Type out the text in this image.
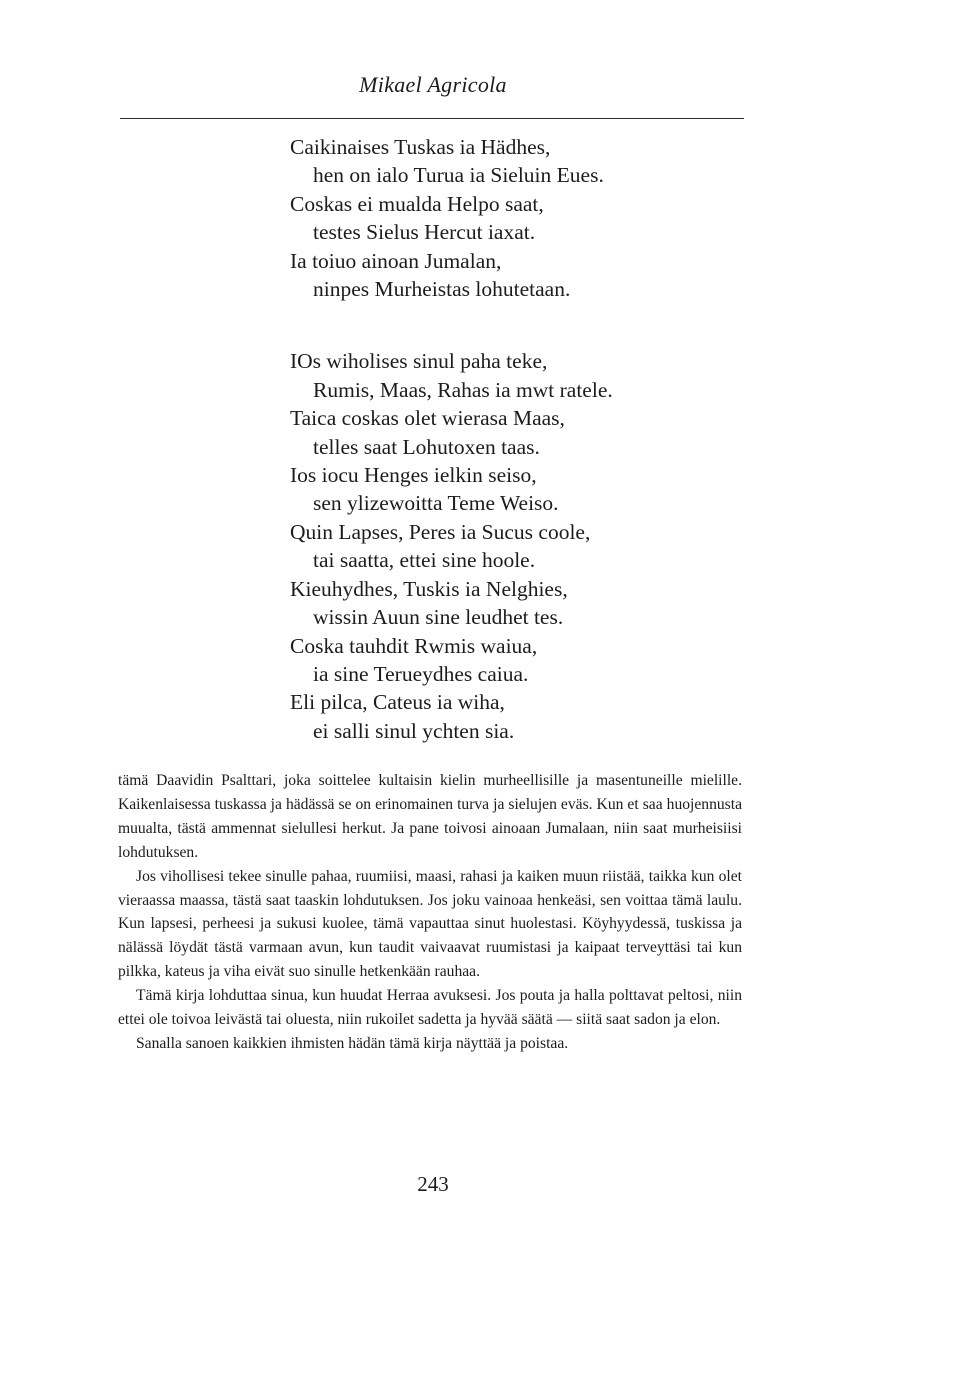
Mikael Agricola
Caikinaises Tuskas ia Hädhes,
hen on ialo Turua ia Sieluin Eues.
Coskas ei mualda Helpo saat,
testes Sielus Hercut iaxat.
Ia toiuo ainoan Jumalan,
ninpes Murheistas lohutetaan.
IOs wiholises sinul paha teke,
Rumis, Maas, Rahas ia mwt ratele.
Taica coskas olet wierasa Maas,
telles saat Lohutoxen taas.
Ios iocu Henges ielkin seiso,
sen ylizewoitta Teme Weiso.
Quin Lapses, Peres ia Sucus coole,
tai saatta, ettei sine hoole.
Kieuhydhes, Tuskis ia Nelghies,
wissin Auun sine leudhet tes.
Coska tauhdit Rwmis waiua,
ia sine Terueydhes caiua.
Eli pilca, Cateus ia wiha,
ei salli sinul ychten sia.

tämä Daavidin Psalttari, joka soittelee kultaisin kielin murheellisille ja masentuneille mielille. Kaikenlaisessa tuskassa ja hädässä se on erinomainen turva ja sielujen eväs. Kun et saa huojennusta muualta, tästä ammennat sielullesi herkut. Ja pane toivosi ainoaan Jumalaan, niin saat murheisiisi lohdutuksen.

Jos vihollisesi tekee sinulle pahaa, ruumiisi, maasi, rahasi ja kaiken muun riistää, taikka kun olet vieraassa maassa, tästä saat taaskin lohdutuksen. Jos joku vainoaa henkeäsi, sen voittaa tämä laulu. Kun lapsesi, perheesi ja sukusi kuolee, tämä vapauttaa sinut huolestasi. Köyhyydessä, tuskissa ja nälässä löydät tästä varmaan avun, kun taudit vaivaavat ruumistasi ja kaipaat terveyttäsi tai kun pilkka, kateus ja viha eivät suo sinulle hetkenkään rauhaa.

Tämä kirja lohduttaa sinua, kun huudat Herraa avuksesi. Jos pouta ja halla polttavat peltosi, niin ettei ole toivoa leivästä tai oluesta, niin rukoilet sadetta ja hyvää säätä — siitä saat sadon ja elon.

Sanalla sanoen kaikkien ihmisten hädän tämä kirja näyttää ja poistaa.

243
